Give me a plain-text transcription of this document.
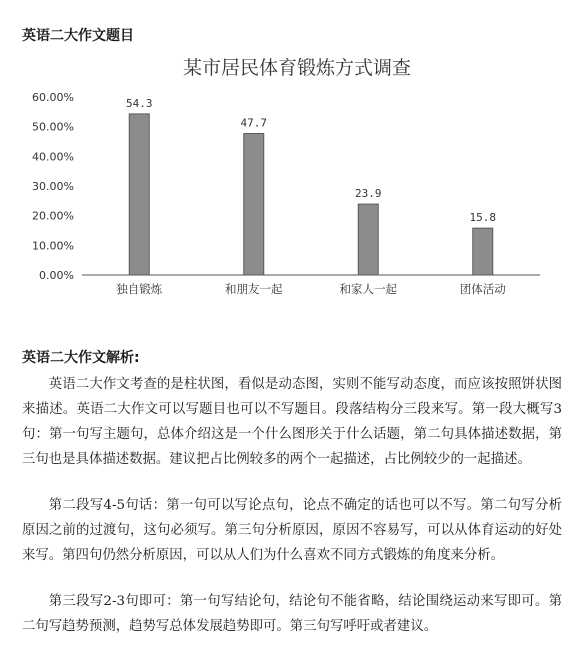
英语二大作文题目
某市居民体育锻炼方式调查
0.00%
10.00%
20.00%
30.00%
40.00%
50.00%
60.00%	54.3
47.7
23.9
15.8
独自锻炼	和朋友一起	和家人一起	团体活动
英语二大作文解析:

英语二大作文考查的是柱状图，看似是动态图，实则不能写动态度，而应该按照饼状图来描述。英语二大作文可以写题目也可以不写题目。段落结构分三段来写。第一段大概写3句：第一句写主题句，总体介绍这是一个什么图形关于什么话题，第二句具体描述数据，第三句也是具体描述数据。建议把占比例较多的两个一起描述，占比例较少的一起描述。

第二段写4-5句话：第一句可以写论点句，论点不确定的话也可以不写。第二句写分析原因之前的过渡句，这句必须写。第三句分析原因，原因不容易写，可以从体育运动的好处来写。第四句仍然分析原因，可以从人们为什么喜欢不同方式锻炼的角度来分析。

第三段写2-3句即可：第一句写结论句，结论句不能省略，结论围绕运动来写即可。第二句写趋势预测，趋势写总体发展趋势即可。第三句写呼吁或者建议。
